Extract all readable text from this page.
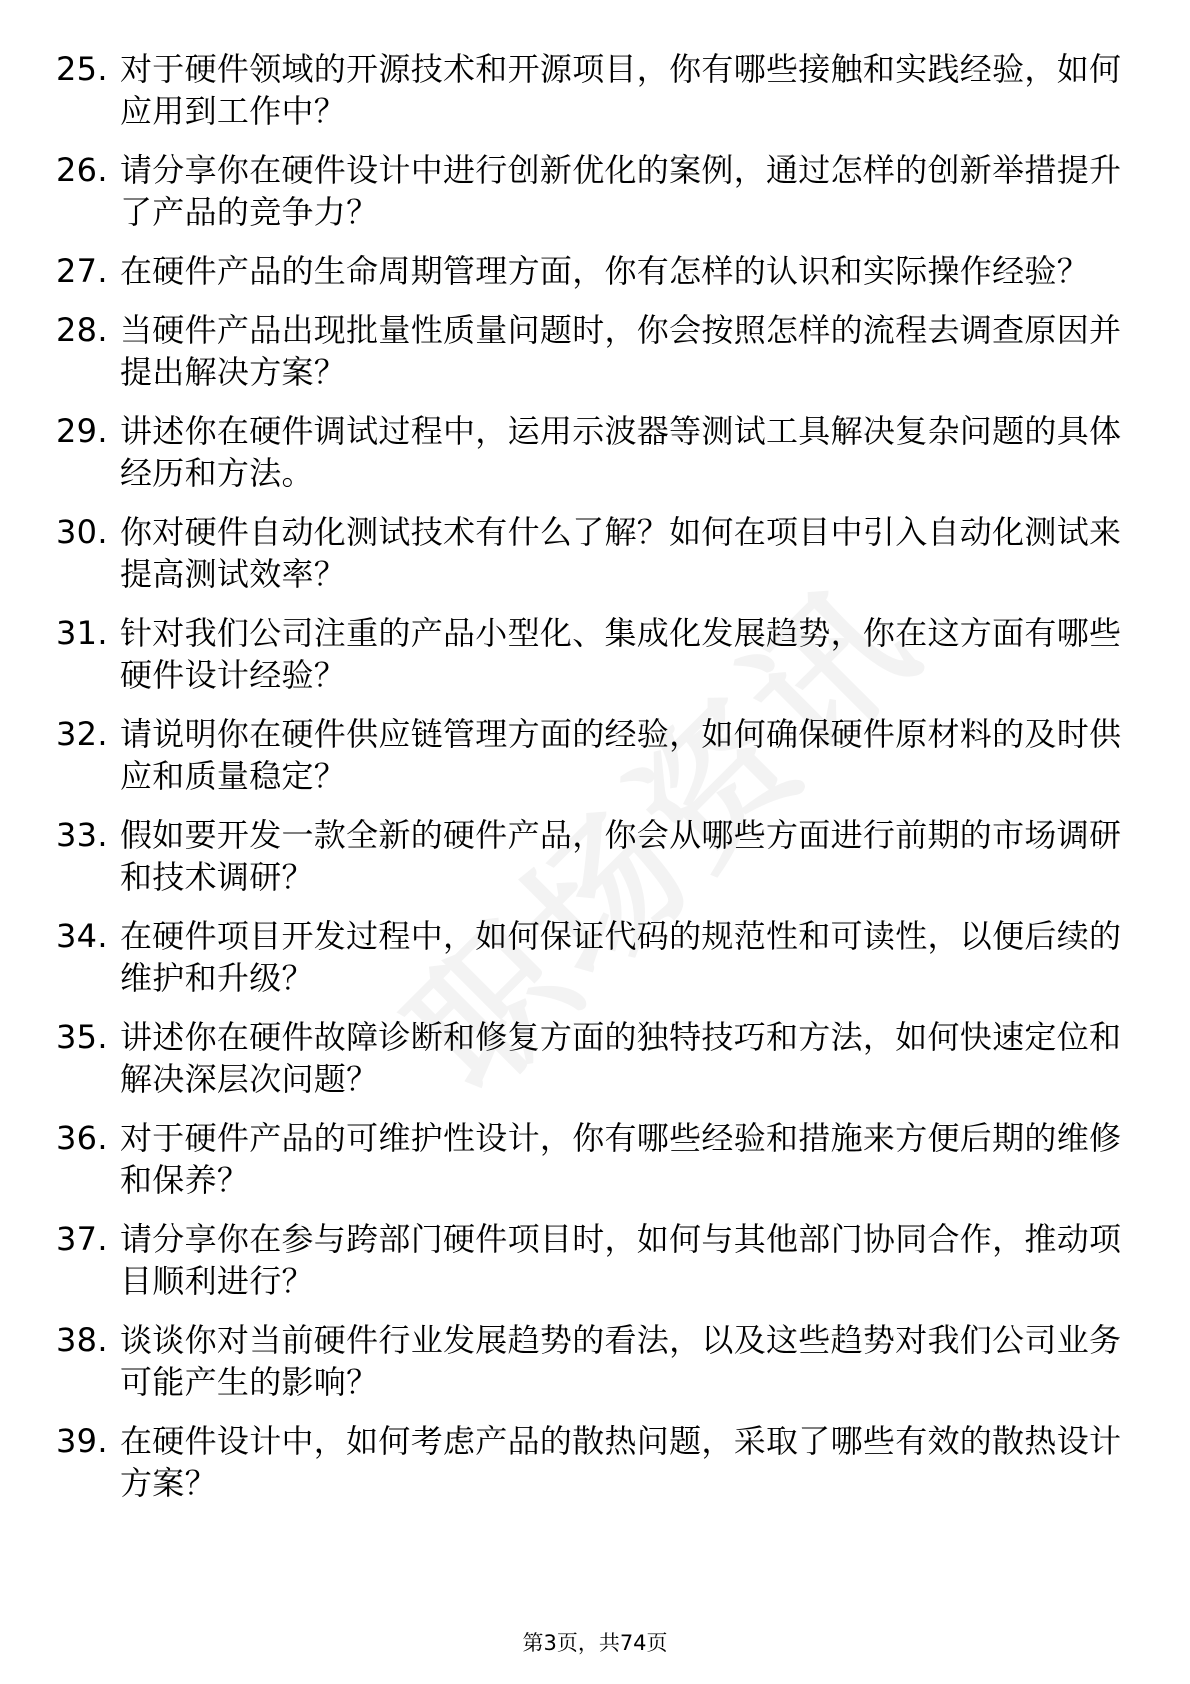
25. 对于硬件领域的开源技术和开源项目，你有哪些接触和实践经验，如何应用到工作中？
26. 请分享你在硬件设计中进行创新优化的案例，通过怎样的创新举措提升了产品的竞争力？
27. 在硬件产品的生命周期管理方面，你有怎样的认识和实际操作经验？
28. 当硬件产品出现批量性质量问题时，你会按照怎样的流程去调查原因并提出解决方案？
29. 讲述你在硬件调试过程中，运用示波器等测试工具解决复杂问题的具体经历和方法。
30. 你对硬件自动化测试技术有什么了解？如何在项目中引入自动化测试来提高测试效率？
31. 针对我们公司注重的产品小型化、集成化发展趋势，你在这方面有哪些硬件设计经验？
32. 请说明你在硬件供应链管理方面的经验，如何确保硬件原材料的及时供应和质量稳定？
33. 假如要开发一款全新的硬件产品，你会从哪些方面进行前期的市场调研和技术调研？
34. 在硬件项目开发过程中，如何保证代码的规范性和可读性，以便后续的维护和升级？
35. 讲述你在硬件故障诊断和修复方面的独特技巧和方法，如何快速定位和解决深层次问题？
36. 对于硬件产品的可维护性设计，你有哪些经验和措施来方便后期的维修和保养？
37. 请分享你在参与跨部门硬件项目时，如何与其他部门协同合作，推动项目顺利进行？
38. 谈谈你对当前硬件行业发展趋势的看法，以及这些趋势对我们公司业务可能产生的影响？
39. 在硬件设计中，如何考虑产品的散热问题，采取了哪些有效的散热设计方案？
第3页，共74页
